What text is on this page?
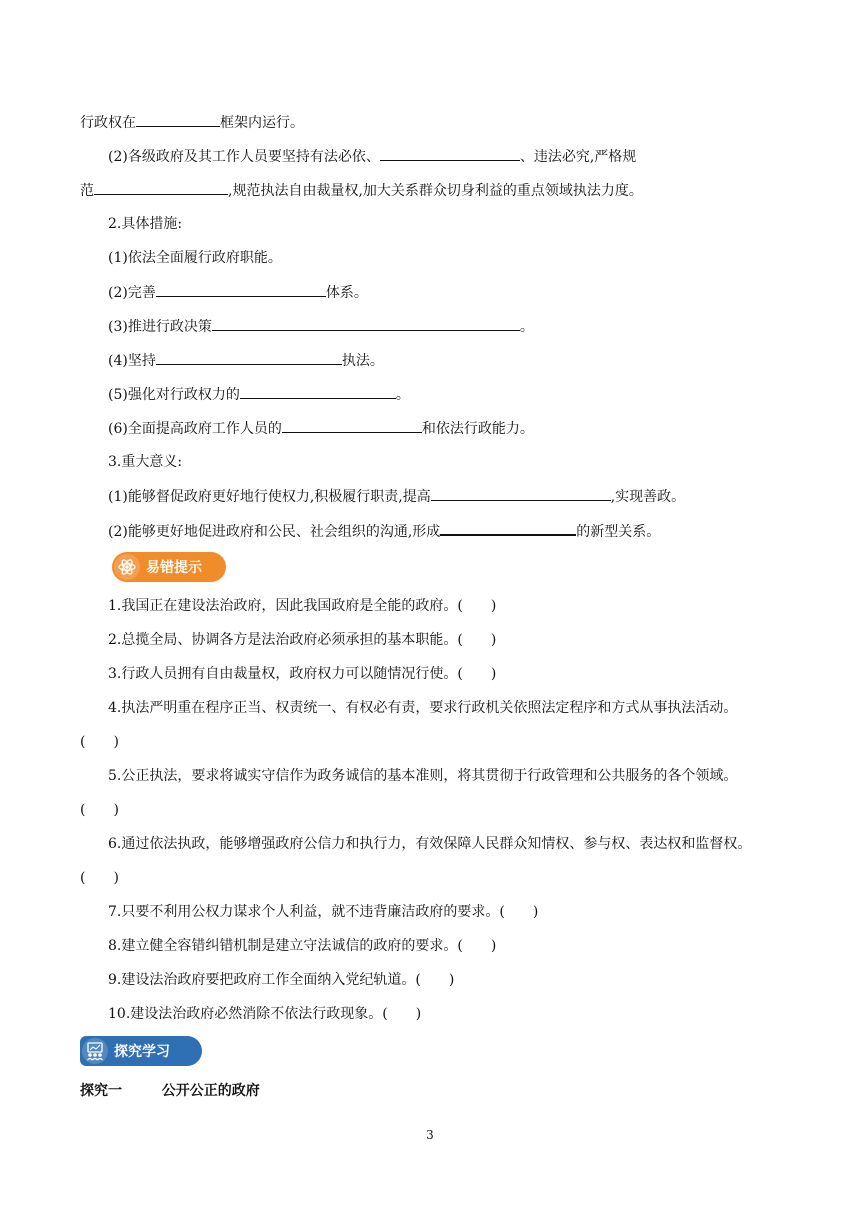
行政权在	框架内运行。
(2)各级政府及其工作人员要坚持有法必依、	、违法必究,严格规
范	,规范执法自由裁量权,加大关系群众切身利益的重点领域执法力度。
2.具体措施:
(1)依法全面履行政府职能。
(2)完善	体系。
(3)推进行政决策	。
(4)坚持	执法。
(5)强化对行政权力的	。
(6)全面提高政府工作人员的	和依法行政能力。
3.重大意义:
(1)能够督促政府更好地行使权力,积极履行职责,提高	,实现善政。
(2)能够更好地促进政府和公民、社会组织的沟通,形成	的新型关系。
易错提示
1.我国正在建设法治政府，因此我国政府是全能的政府。(　　)
2.总揽全局、协调各方是法治政府必须承担的基本职能。(　　)
3.行政人员拥有自由裁量权，政府权力可以随情况行使。(　　)
4.执法严明重在程序正当、权责统一、有权必有责，要求行政机关依照法定程序和方式从事执法活动。
(　　)
5.公正执法，要求将诚实守信作为政务诚信的基本准则，将其贯彻于行政管理和公共服务的各个领域。
(　　)
6.通过依法执政，能够增强政府公信力和执行力，有效保障人民群众知情权、参与权、表达权和监督权。
(　　)
7.只要不利用公权力谋求个人利益，就不违背廉洁政府的要求。(　　)
8.建立健全容错纠错机制是建立守法诚信的政府的要求。(　　)
9.建设法治政府要把政府工作全面纳入党纪轨道。(　　)
10.建设法治政府必然消除不依法行政现象。(　　)
探究学习
探究一	公开公正的政府
3
